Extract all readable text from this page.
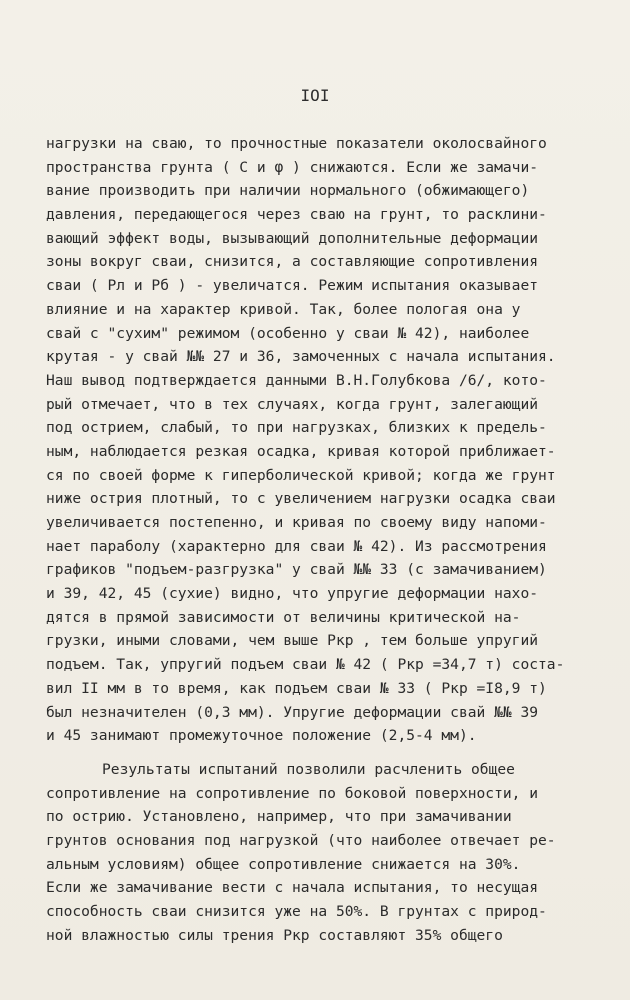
IOI
нагрузки на сваю, то прочностные показатели околосвайного
пространства грунта ( C и φ ) снижаются. Если же замачи-
вание производить при наличии нормального (обжимающего)
давления, передающегося через сваю на грунт, то расклини-
вающий эффект воды, вызывающий дополнительные деформации
зоны вокруг сваи, снизится, а составляющие сопротивления
сваи ( Pл и Pб ) - увеличатся. Режим испытания оказывает
влияние и на характер кривой. Так, более пологая она у
свай с "сухим" режимом (особенно у сваи № 42), наиболее
крутая - у свай №№ 27 и 36, замоченных с начала испытания.
Наш вывод подтверждается данными В.Н.Голубкова /6/, кото-
рый отмечает, что в тех случаях, когда грунт, залегающий
под острием, слабый, то при нагрузках, близких к предель-
ным, наблюдается резкая осадка, кривая которой приближает-
ся по своей форме к гиперболической кривой; когда же грунт
ниже острия плотный, то с увеличением нагрузки осадка сваи
увеличивается постепенно, и кривая по своему виду напоми-
нает параболу (характерно для сваи № 42). Из рассмотрения
графиков "подъем-разгрузка" у свай №№ 33 (с замачиванием)
и 39, 42, 45 (сухие) видно, что упругие деформации нахо-
дятся в прямой зависимости от величины критической на-
грузки, иными словами, чем выше Pкр , тем больше упругий
подъем. Так, упругий подъем сваи № 42 ( Pкр =34,7 т) соста-
вил II мм в то время, как подъем сваи № 33 ( Pкр =I8,9 т)
был незначителен (0,3 мм). Упругие деформации свай №№ 39
и 45 занимают промежуточное положение (2,5-4 мм).
Результаты испытаний позволили расчленить общее
сопротивление на сопротивление по боковой поверхности, и
по острию. Установлено, например, что при замачивании
грунтов основания под нагрузкой (что наиболее отвечает ре-
альным условиям) общее сопротивление снижается на 30%.
Если же замачивание вести с начала испытания, то несущая
способность сваи снизится уже на 50%. В грунтах с природ-
ной влажностью силы трения Pкр составляют 35% общего
